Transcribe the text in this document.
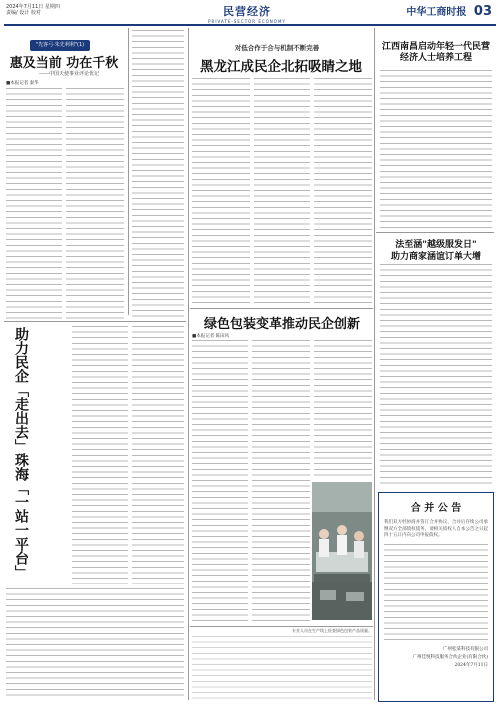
2024年7月11日 星期四
责编/ 设计 校对	民营经济
PRIVATE-SECTOR ECONOMY
中华工商时报 03
"先客弓·朱先利利"(1)
惠及当前 功在千秋
——中国天使事业评论优记
■本报记者 秦华
助力民企「走出去」珠海「一站一平台」
对低合作于合与机制不断完善
黑龙江成民企北拓吸睛之地
绿色包装变革推动民企创新
■本报记者 陈田风
专业人员在生产线上检查绿色包装产品质量。
江西南昌启动年轻一代民营经济人士培养工程
法至涵"越级服发日"
助力商家涵谊订单大增
合 并 公 告
我们双方经协商并签订合并协议，合并后存续公司承继双方全部债权债务，请相关债权人自本公告之日起四十五日内向公司申报债权。
广州松某科技有限公司
广州佳悦科技服务合伙企业(有限合伙)
2024年7月11日
